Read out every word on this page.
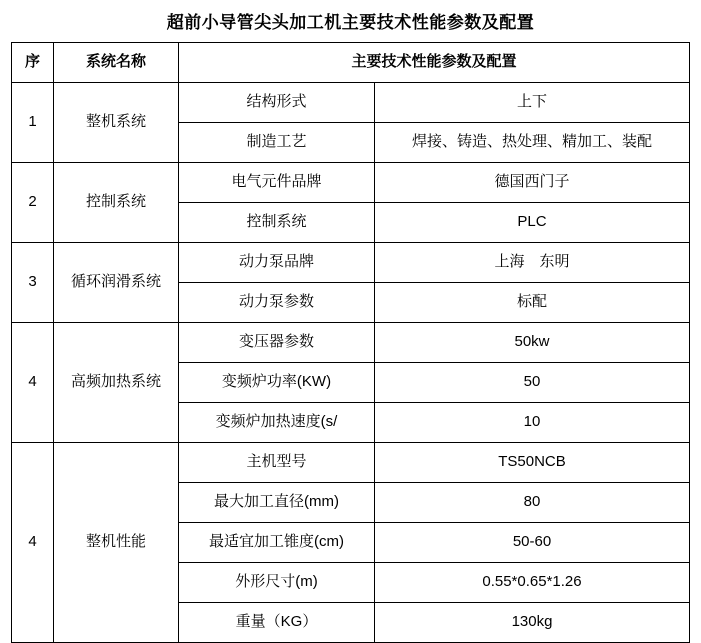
超前小导管尖头加工机主要技术性能参数及配置
序	系统名称	主要技术性能参数及配置	
1	整机系统	结构形式	上下
		制造工艺	焊接、铸造、热处理、精加工、装配
2	控制系统	电气元件品牌	德国西门子
		控制系统	PLC
3	循环润滑系统	动力泵品牌	上海　东明
		动力泵参数	标配
4	高频加热系统	变压器参数	50kw
		变频炉功率(KW)	50
		变频炉加热速度(s/	10
4	整机性能	主机型号	TS50NCB
		最大加工直径(mm)	80
		最适宜加工锥度(cm)	50-60
		外形尺寸(m)	0.55*0.65*1.26
		重量（KG）	130kg
